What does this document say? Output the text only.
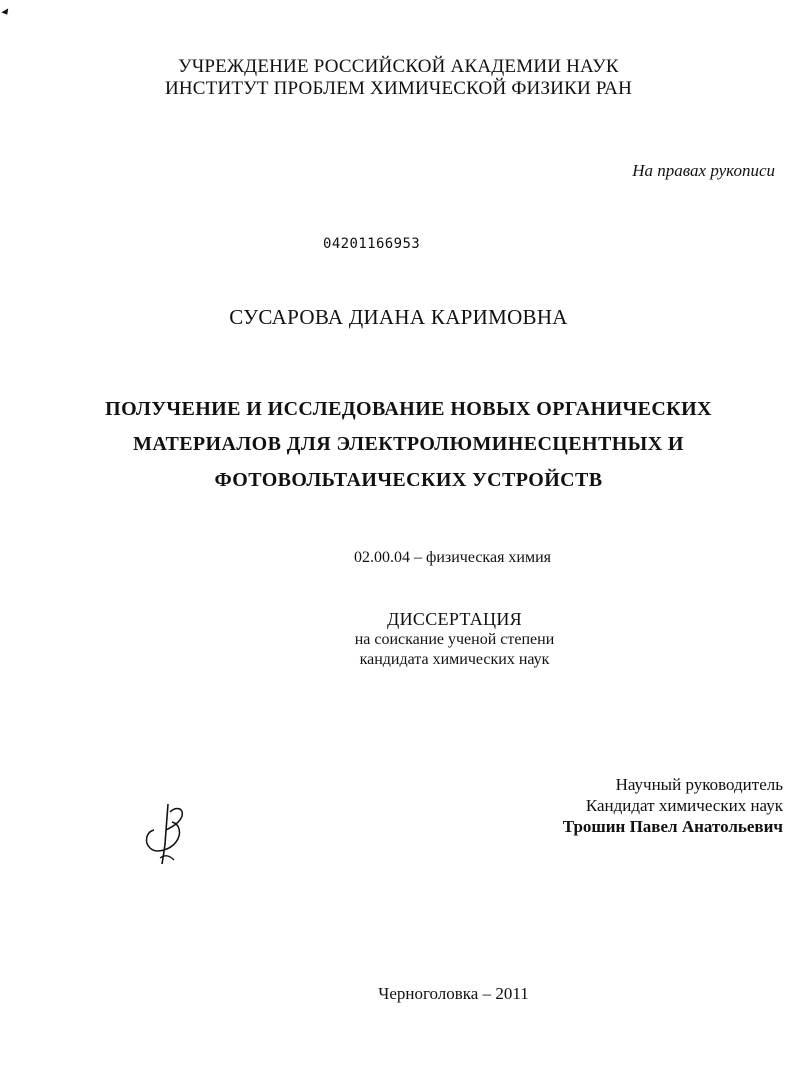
УЧРЕЖДЕНИЕ РОССИЙСКОЙ АКАДЕМИИ НАУК
ИНСТИТУТ ПРОБЛЕМ ХИМИЧЕСКОЙ ФИЗИКИ РАН
На правах рукописи
04201166953
СУСАРОВА ДИАНА КАРИМОВНА
ПОЛУЧЕНИЕ И ИССЛЕДОВАНИЕ НОВЫХ ОРГАНИЧЕСКИХ
МАТЕРИАЛОВ ДЛЯ ЭЛЕКТРОЛЮМИНЕСЦЕНТНЫХ И
ФОТОВОЛЬТАИЧЕСКИХ УСТРОЙСТВ
02.00.04 – физическая химия
ДИССЕРТАЦИЯ
на соискание ученой степени
кандидата химических наук
Научный руководитель
Кандидат химических наук
Трошин Павел Анатольевич
Черноголовка – 2011
